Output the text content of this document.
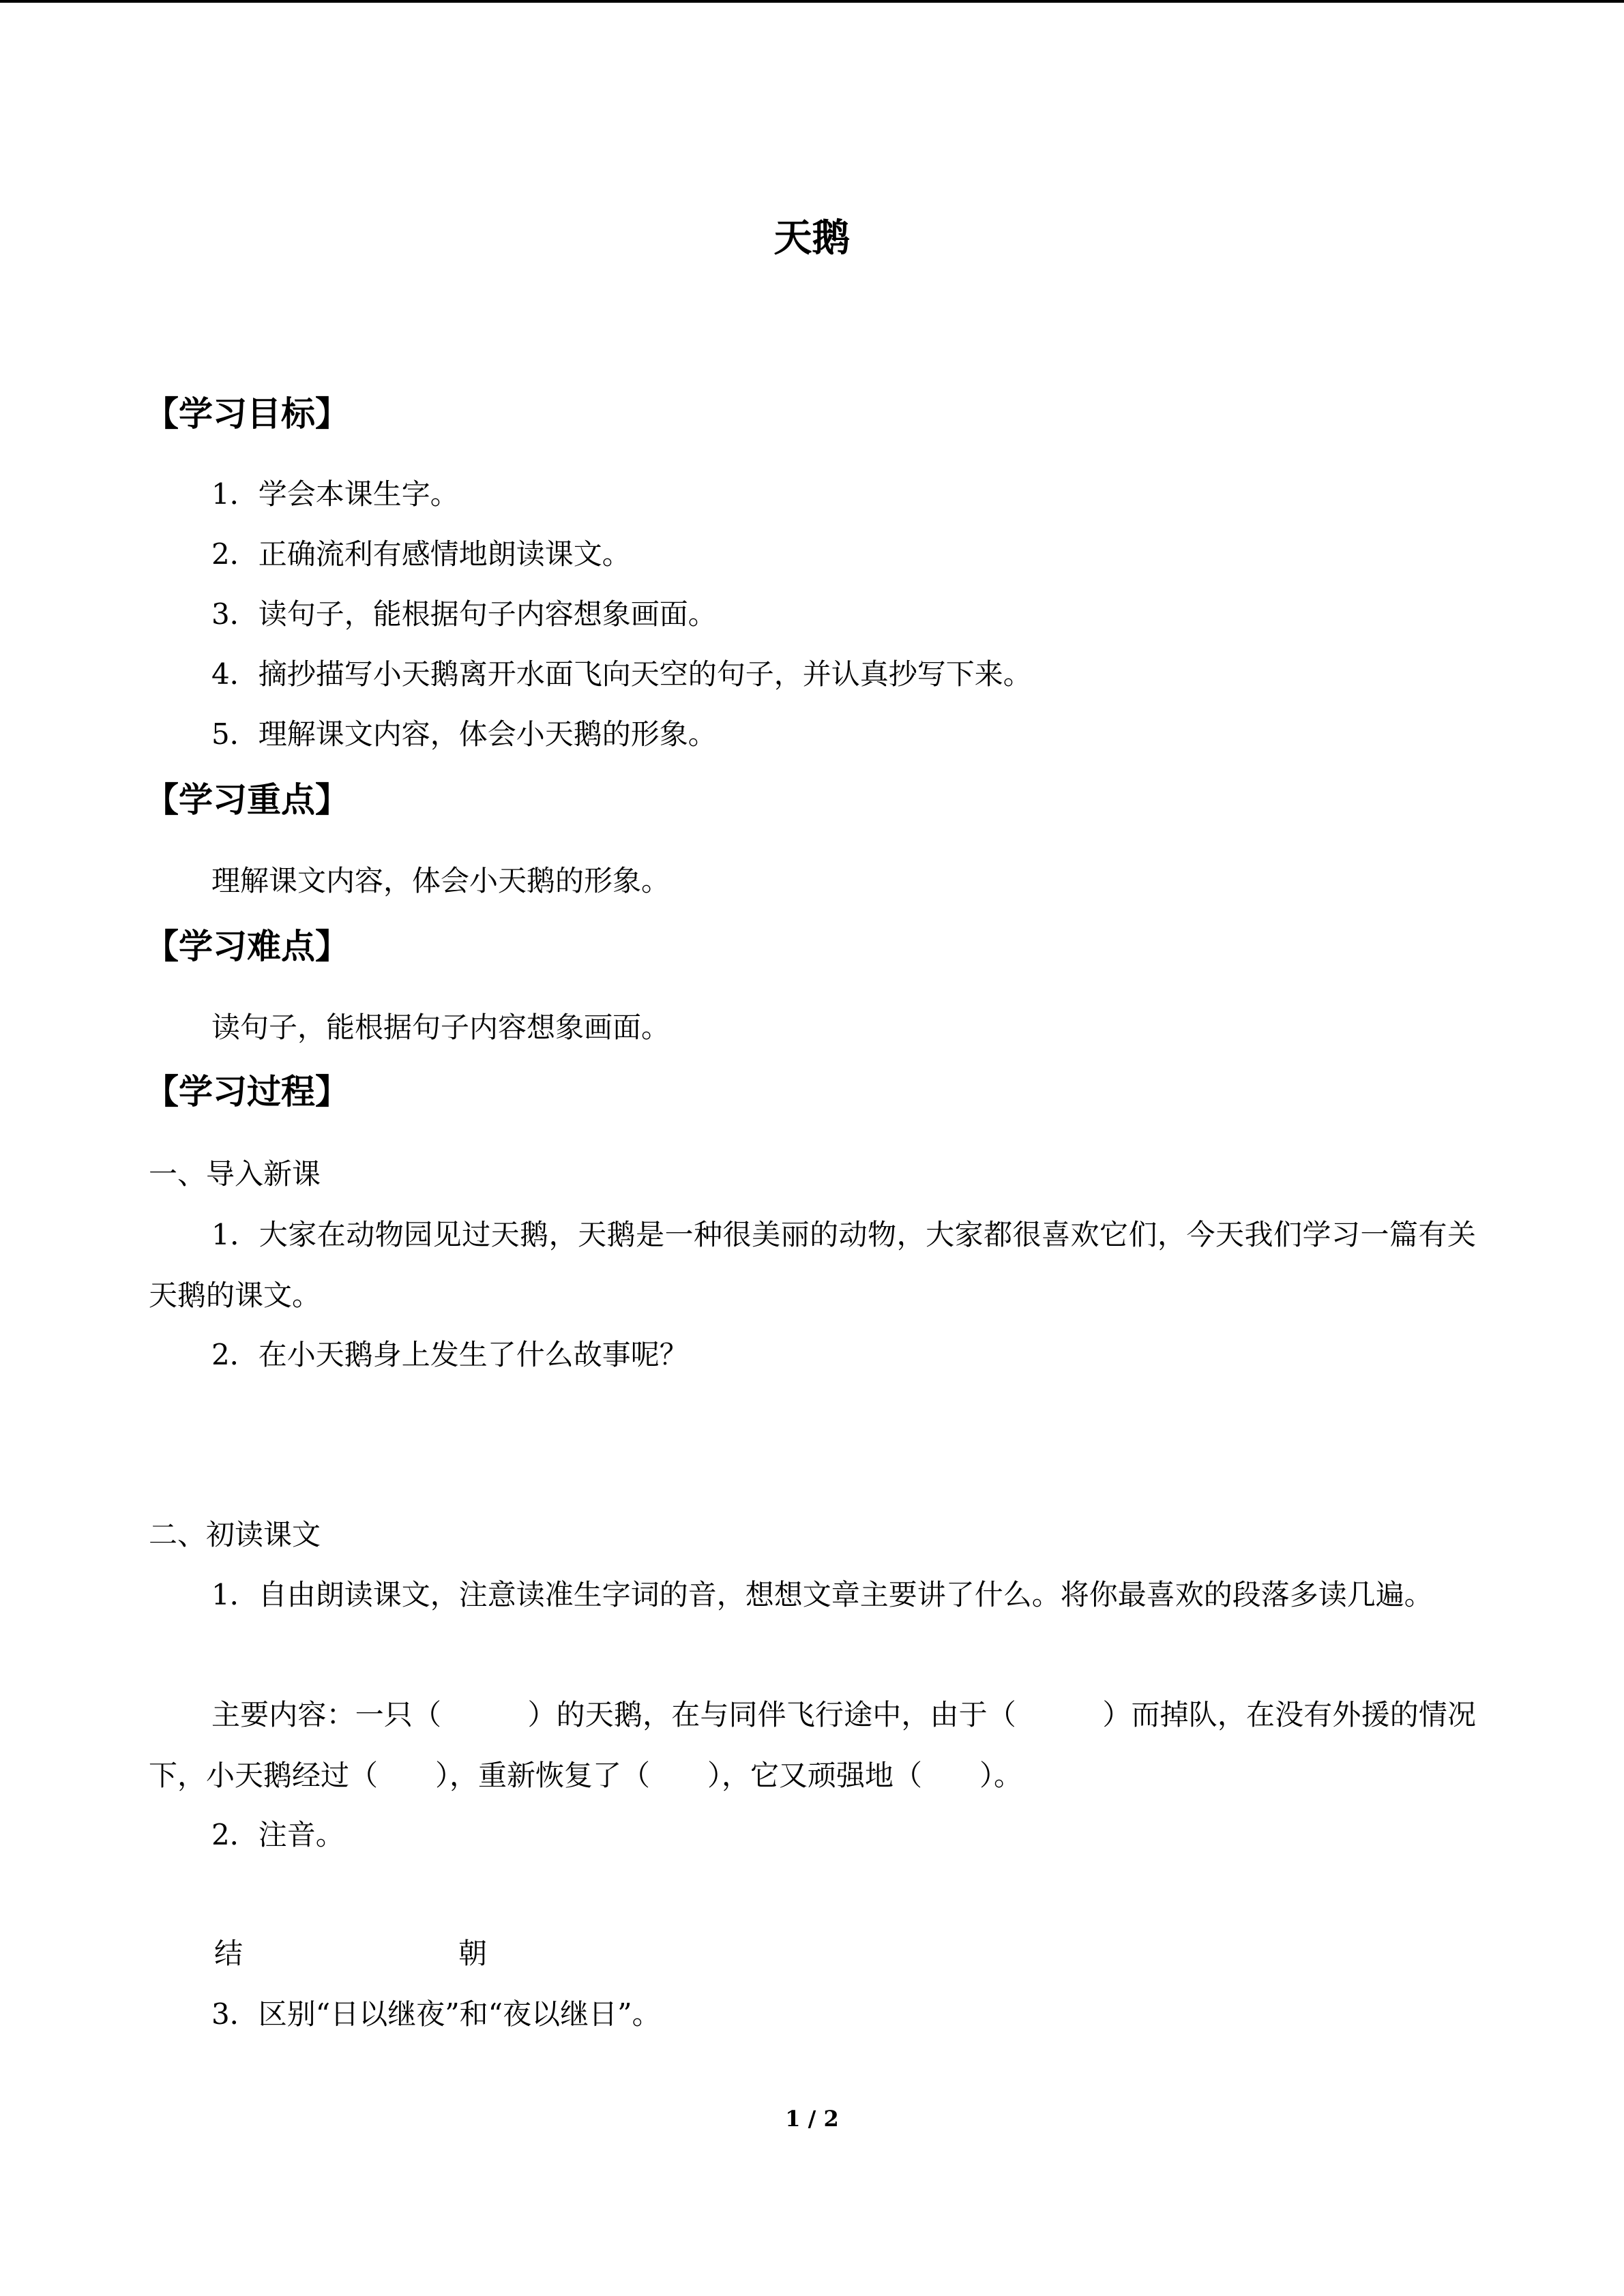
天鹅
【学习目标】

1．学会本课生字。

2．正确流利有感情地朗读课文。

3．读句子，能根据句子内容想象画面。

4．摘抄描写小天鹅离开水面飞向天空的句子，并认真抄写下来。

5．理解课文内容，体会小天鹅的形象。

【学习重点】

理解课文内容，体会小天鹅的形象。

【学习难点】

读句子，能根据句子内容想象画面。

【学习过程】

一、导入新课

1．大家在动物园见过天鹅，天鹅是一种很美丽的动物，大家都很喜欢它们，今天我们学习一篇有关天鹅的课文。

2．在小天鹅身上发生了什么故事呢？

二、初读课文

1．自由朗读课文，注意读准生字词的音，想想文章主要讲了什么。将你最喜欢的段落多读几遍。

主要内容：一只（　　　）的天鹅，在与同伴飞行途中，由于（　　　）而掉队，在没有外援的情况下，小天鹅经过（　　），重新恢复了（　　），它又顽强地（　　）。

2．注音。

结	朝

3．区别“日以继夜”和“夜以继日”。

1 / 2
